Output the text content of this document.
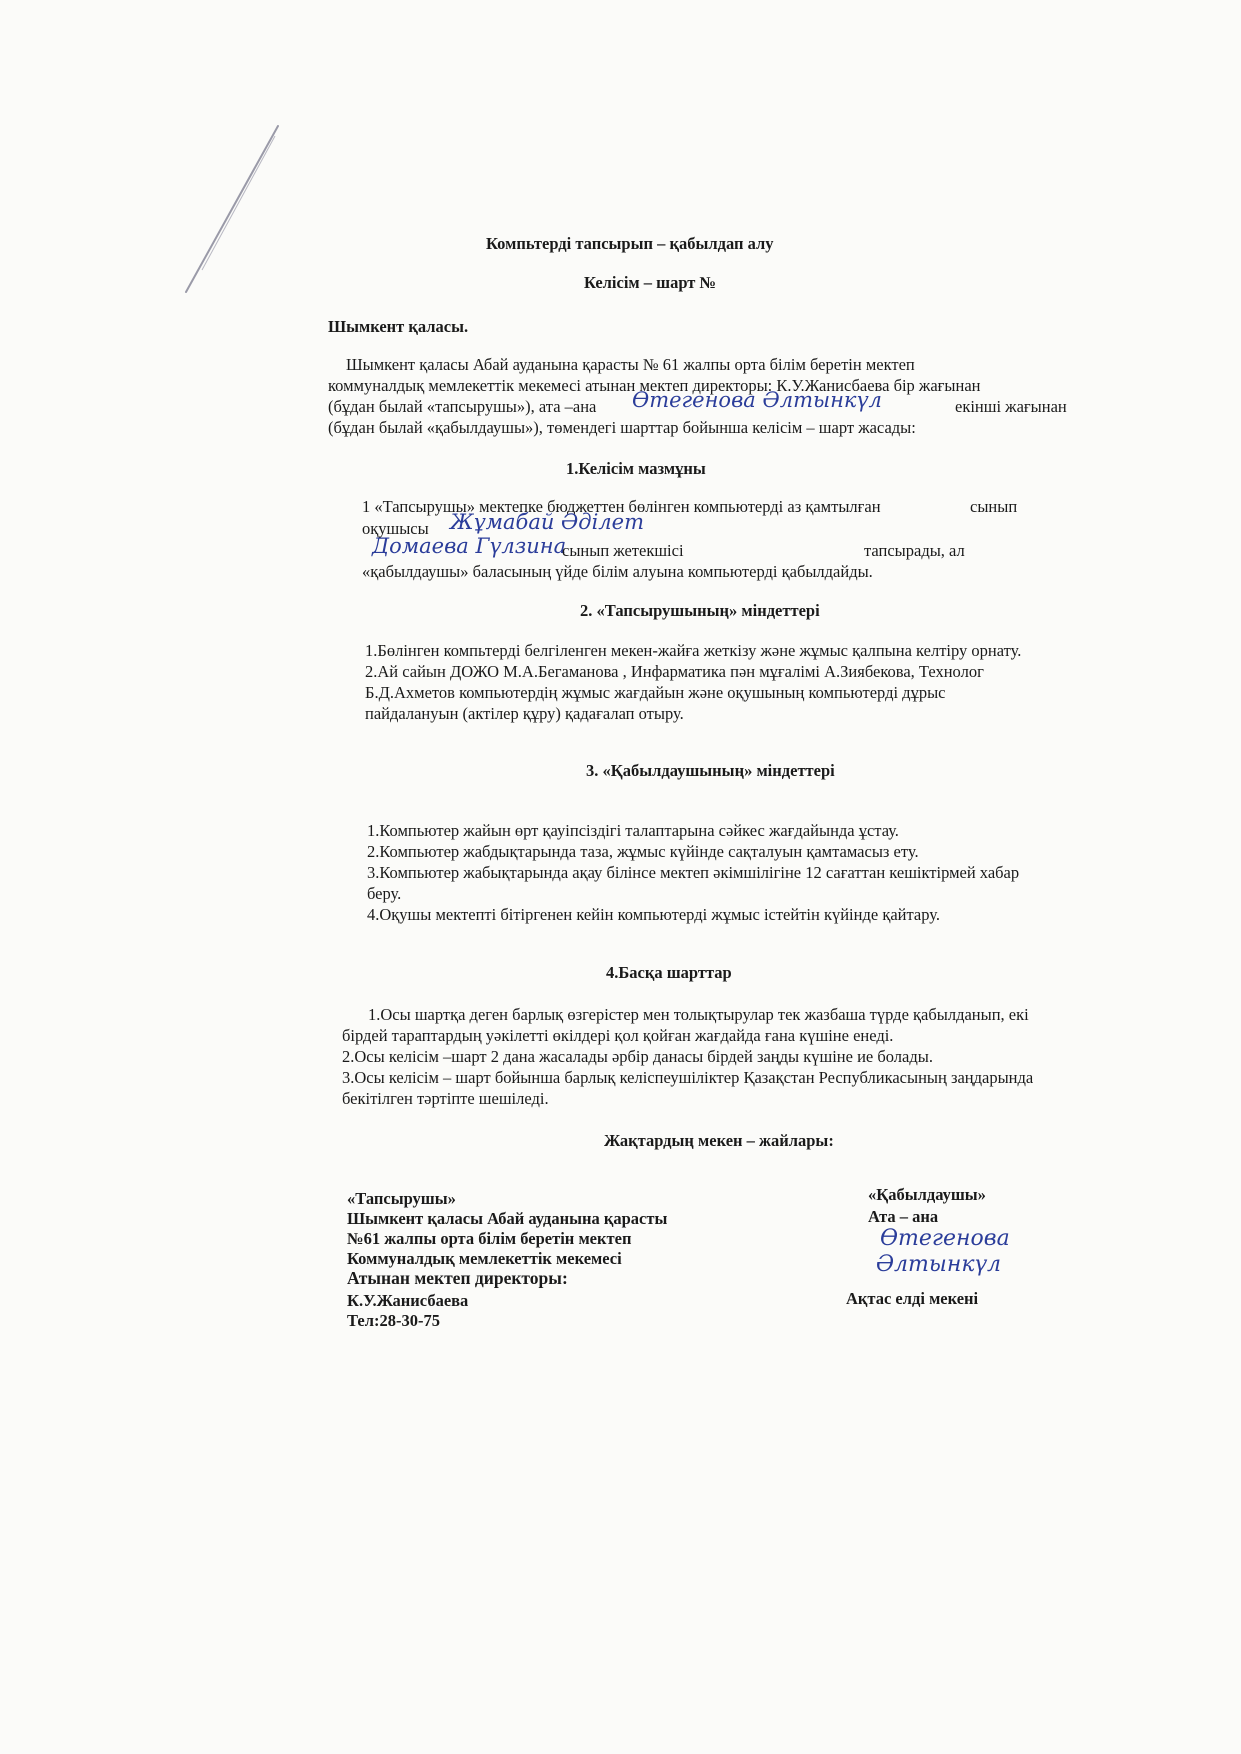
Компьтерді тапсырып – қабылдап алу
Келісім – шарт №
Шымкент қаласы.
Шымкент қаласы Абай ауданына қарасты № 61 жалпы орта білім беретін мектеп
коммуналдық мемлекеттік мекемесі атынан мектеп директоры: К.У.Жанисбаева бір жағынан
(бұдан былай «тапсырушы»), ата –ана Өтегенова Әлтынкүл	екінші жағынан
(бұдан былай «қабылдаушы»), төмендегі шарттар бойынша келісім – шарт жасады:
1.Келісім мазмұны
1 «Тапсырушы» мектепке бюджеттен бөлінген компьютерді аз қамтылған	сынып
оқушысы Жұмабай Әділет
Домаева Гүлзина
сынып жетекшісі	тапсырады, ал
«қабылдаушы» баласының үйде білім алуына компьютерді қабылдайды.
2. «Тапсырушының» міндеттері
1.Бөлінген компьтерді белгіленген мекен-жайға жеткізу және жұмыс қалпына келтіру орнату.
2.Ай сайын ДОЖО М.А.Бегаманова , Инфарматика пән мұғалімі А.Зиябекова, Технолог
Б.Д.Ахметов компьютердің жұмыс жағдайын және оқушының компьютерді дұрыс
пайдалануын (актілер құру) қадағалап отыру.
3. «Қабылдаушының» міндеттері
1.Компьютер жайын өрт қауіпсіздігі талаптарына сәйкес жағдайында ұстау.
2.Компьютер жабдықтарында таза, жұмыс күйінде сақталуын қамтамасыз ету.
3.Компьютер жабықтарында ақау білінсе мектеп әкімшілігіне 12 сағаттан кешіктірмей хабар
беру.
4.Оқушы мектепті бітіргенен кейін компьютерді жұмыс істейтін күйінде қайтару.
4.Басқа шарттар
1.Осы шартқа деген барлық өзгерістер мен толықтырулар тек жазбаша түрде қабылданып, екі
бірдей тараптардың уәкілетті өкілдері қол қойған жағдайда ғана күшіне енеді.
2.Осы келісім –шарт 2 дана жасалады әрбір данасы бірдей заңды күшіне ие болады.
3.Осы келісім – шарт бойынша барлық келіспеушіліктер Қазақстан Республикасының заңдарында
бекітілген тәртіпте шешіледі.
Жақтардың мекен – жайлары:
«Тапсырушы»
Шымкент қаласы Абай ауданына қарасты
№61 жалпы орта білім беретін мектеп
Коммуналдық мемлекеттік мекемесі
Атынан мектеп директоры:
К.У.Жанисбаева
Тел:28-30-75
«Қабылдаушы»
Ата – ана
Өтегенова
Әлтынкүл
Ақтас елді мекені
